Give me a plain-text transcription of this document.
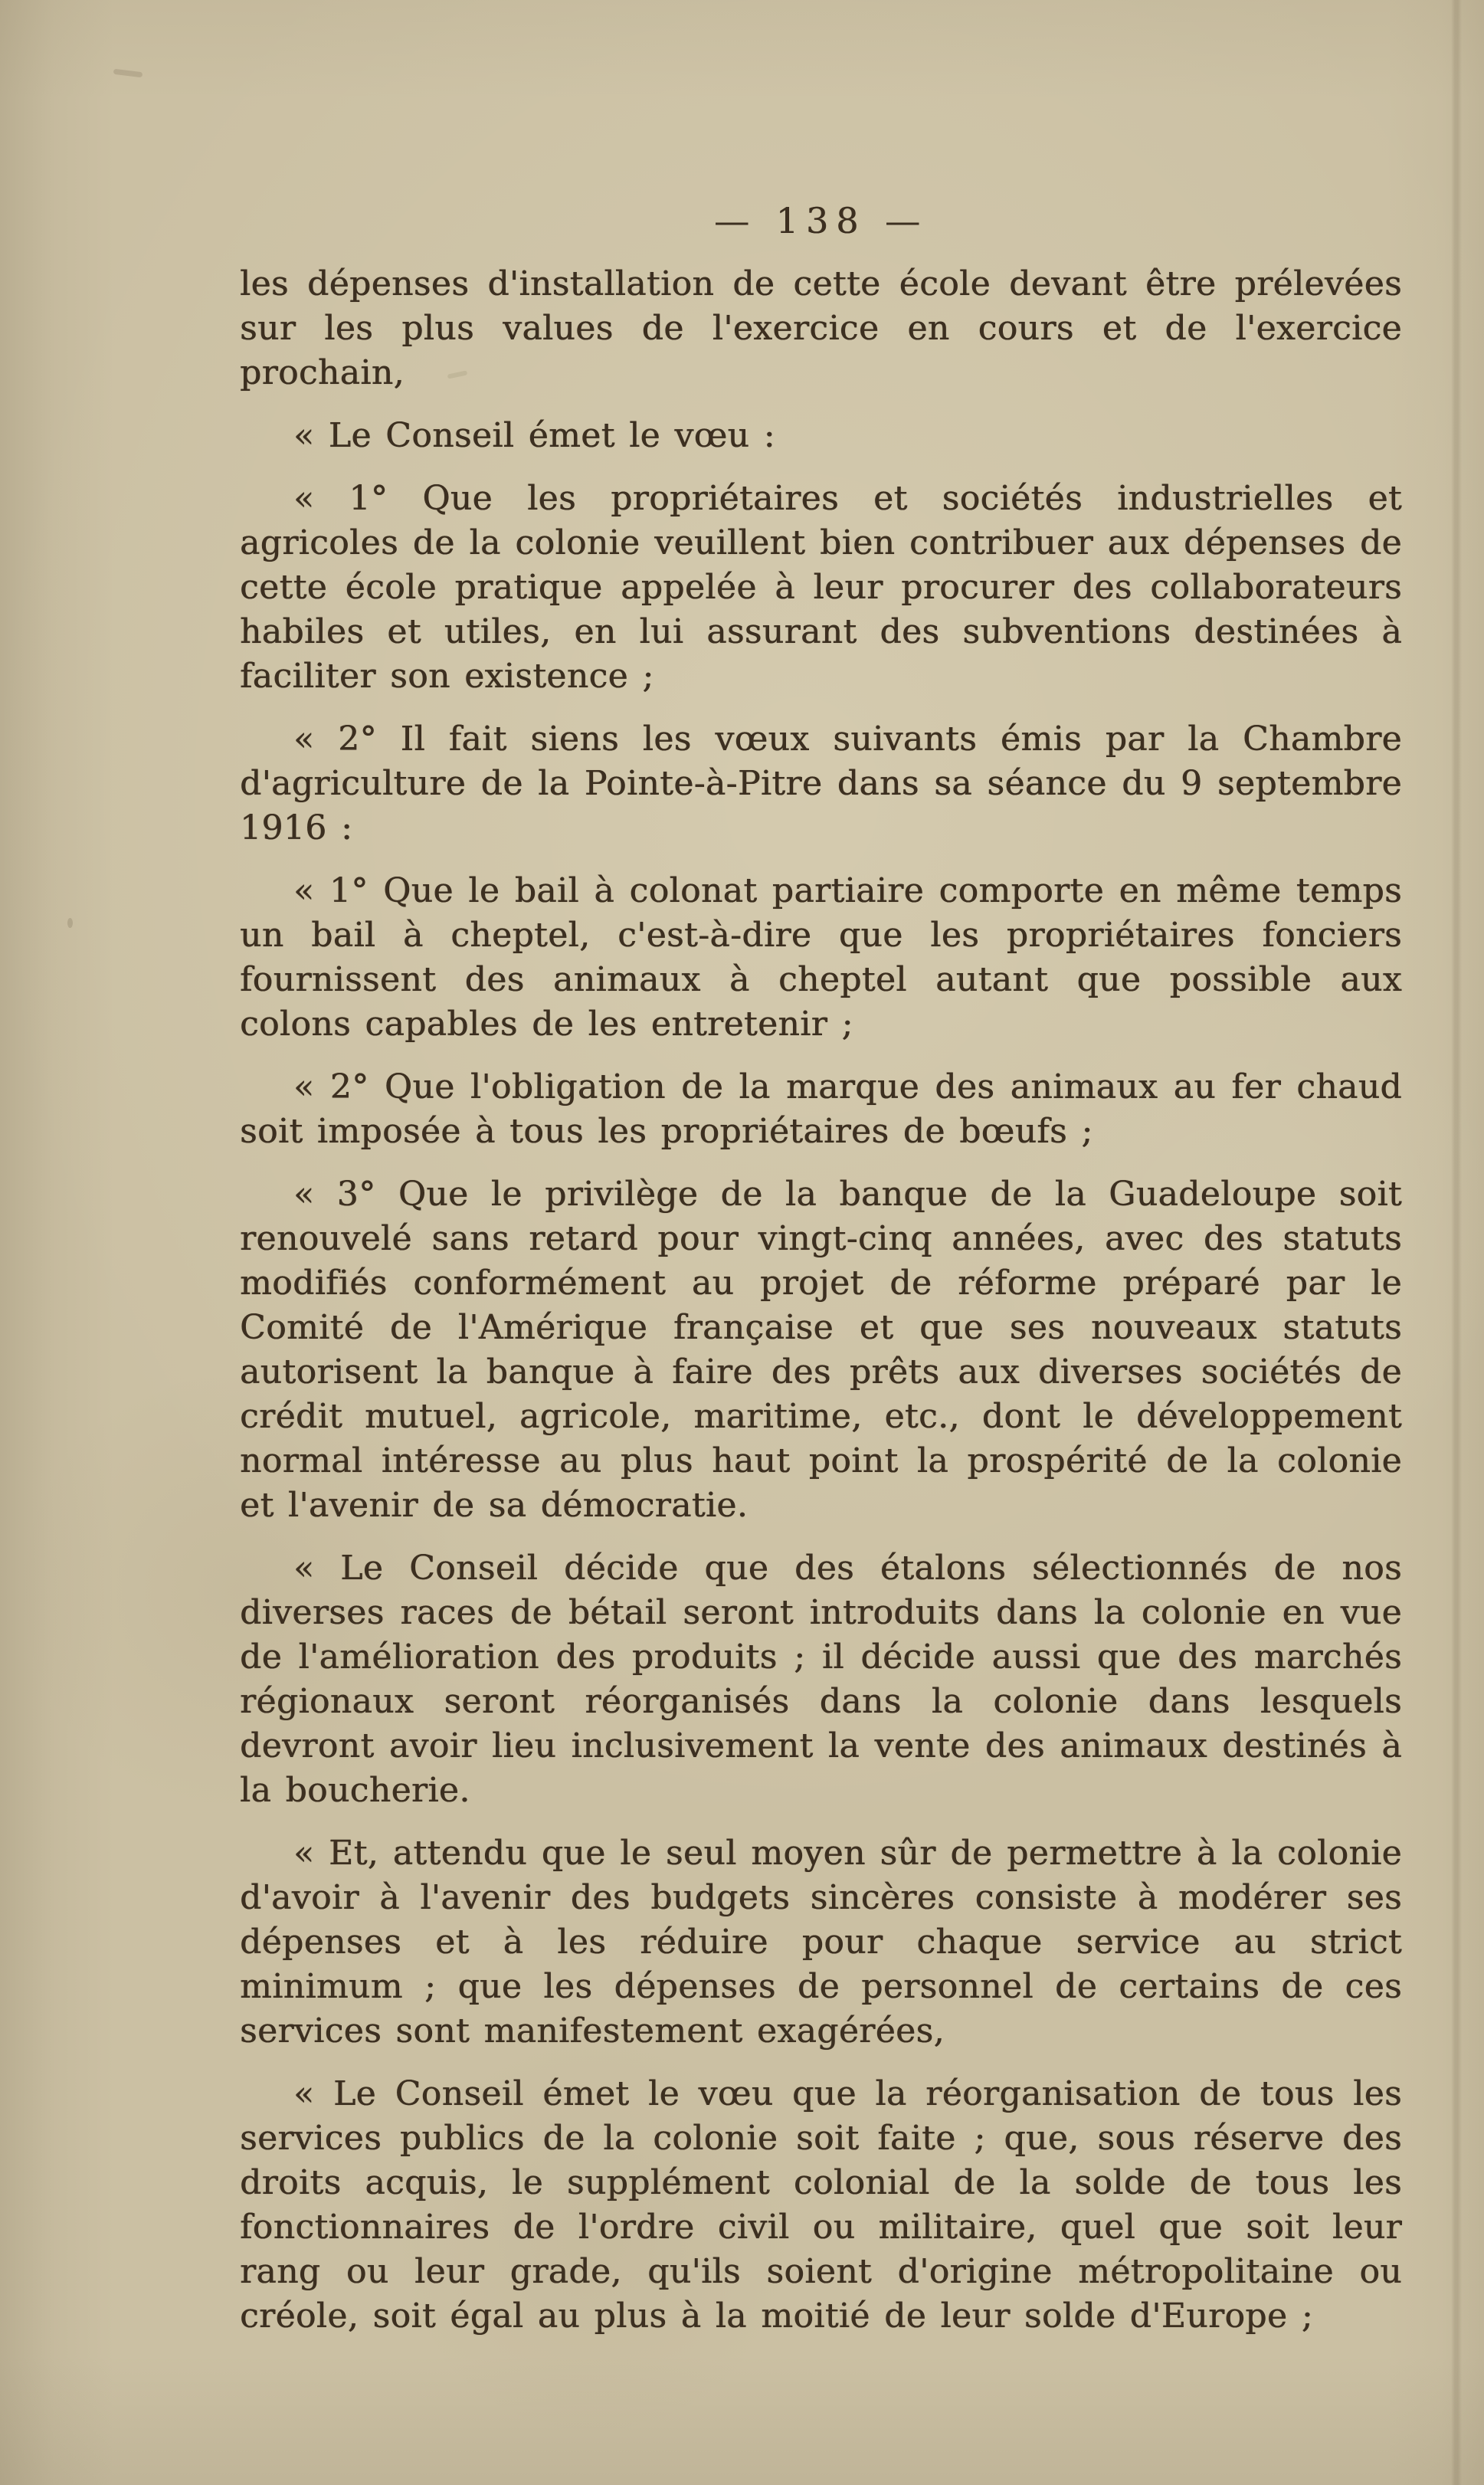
— 138 —

les dépenses d'installation de cette école devant être prélevées sur les plus values de l'exercice en cours et de l'exercice prochain,

« Le Conseil émet le vœu :

« 1° Que les propriétaires et sociétés industrielles et agricoles de la colonie veuillent bien contribuer aux dépenses de cette école pratique appelée à leur procurer des collaborateurs habiles et utiles, en lui assurant des subventions destinées à faciliter son existence ;

« 2° Il fait siens les vœux suivants émis par la Chambre d'agriculture de la Pointe-à-Pitre dans sa séance du 9 septembre 1916 :

« 1° Que le bail à colonat partiaire comporte en même temps un bail à cheptel, c'est-à-dire que les propriétaires fonciers fournissent des animaux à cheptel autant que possible aux colons capables de les entretenir ;

« 2° Que l'obligation de la marque des animaux au fer chaud soit imposée à tous les propriétaires de bœufs ;

« 3° Que le privilège de la banque de la Guadeloupe soit renouvelé sans retard pour vingt-cinq années, avec des statuts modifiés conformément au projet de réforme préparé par le Comité de l'Amérique française et que ses nouveaux statuts autorisent la banque à faire des prêts aux diverses sociétés de crédit mutuel, agricole, maritime, etc., dont le développement normal intéresse au plus haut point la prospérité de la colonie et l'avenir de sa démocratie.

« Le Conseil décide que des étalons sélectionnés de nos diverses races de bétail seront introduits dans la colonie en vue de l'amélioration des produits ; il décide aussi que des marchés régionaux seront réorganisés dans la colonie dans lesquels devront avoir lieu inclusivement la vente des animaux destinés à la boucherie.

« Et, attendu que le seul moyen sûr de permettre à la colonie d'avoir à l'avenir des budgets sincères consiste à modérer ses dépenses et à les réduire pour chaque service au strict minimum ; que les dépenses de personnel de certains de ces services sont manifestement exagérées,

« Le Conseil émet le vœu que la réorganisation de tous les services publics de la colonie soit faite ; que, sous réserve des droits acquis, le supplément colonial de la solde de tous les fonctionnaires de l'ordre civil ou militaire, quel que soit leur rang ou leur grade, qu'ils soient d'origine métropolitaine ou créole, soit égal au plus à la moitié de leur solde d'Europe ;
